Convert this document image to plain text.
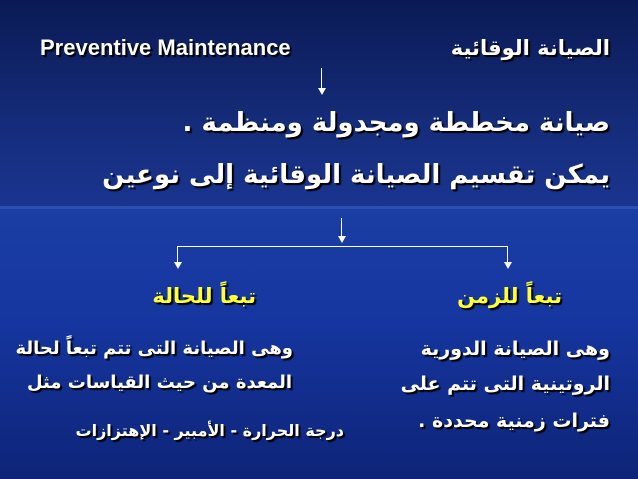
Preventive Maintenance	الصيانة الوقائية
صيانة مخططة ومجدولة ومنظمة .
يمكن تقسيم الصيانة الوقائية إلى نوعين
تبعاً للحالة
وهى الصيانة التى تتم تبعاً لحالة
المعدة من حيث القياسات مثل
درجة الحرارة - الأمبير - الإهتزازات
تبعاً للزمن
وهى الصيانة الدورية
الروتينية التى تتم على
فترات زمنية محددة .
